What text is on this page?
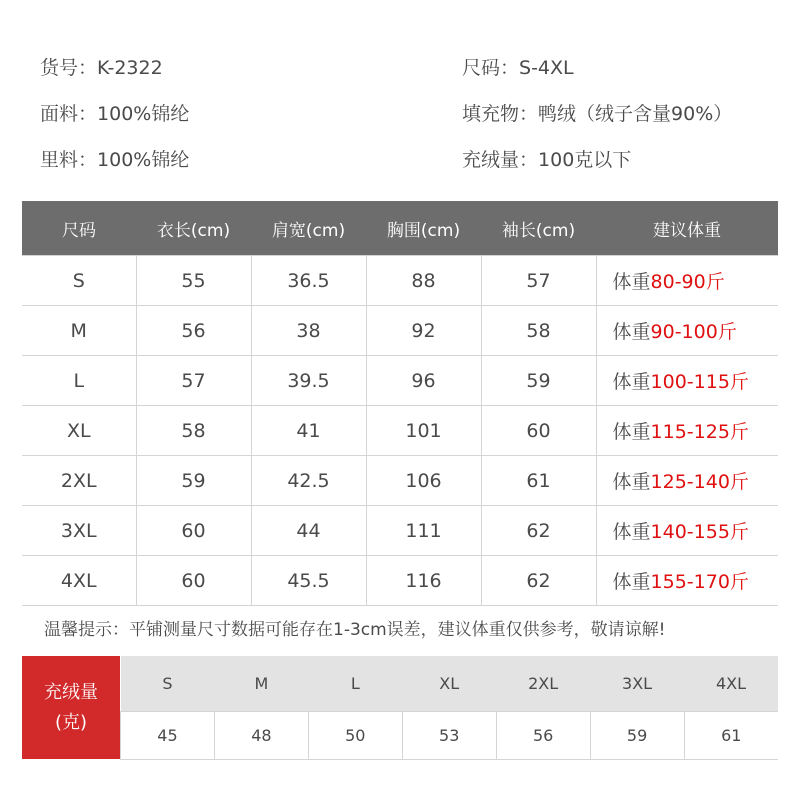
货号：K-2322
面料：100%锦纶
里料：100%锦纶
尺码：S-4XL
填充物：鸭绒（绒子含量90%）
充绒量：100克以下
尺码	衣长(cm)	肩宽(cm)	胸围(cm)	袖长(cm)	建议体重
S	55	36.5	88	57	体重80-90斤
M	56	38	92	58	体重90-100斤
L	57	39.5	96	59	体重100-115斤
XL	58	41	101	60	体重115-125斤
2XL	59	42.5	106	61	体重125-140斤
3XL	60	44	111	62	体重140-155斤
4XL	60	45.5	116	62	体重155-170斤
温馨提示：平铺测量尺寸数据可能存在1-3cm误差，建议体重仅供参考，敬请谅解!
充绒量
(克)
S	M	L	XL	2XL	3XL	4XL
45	48	50	53	56	59	61
